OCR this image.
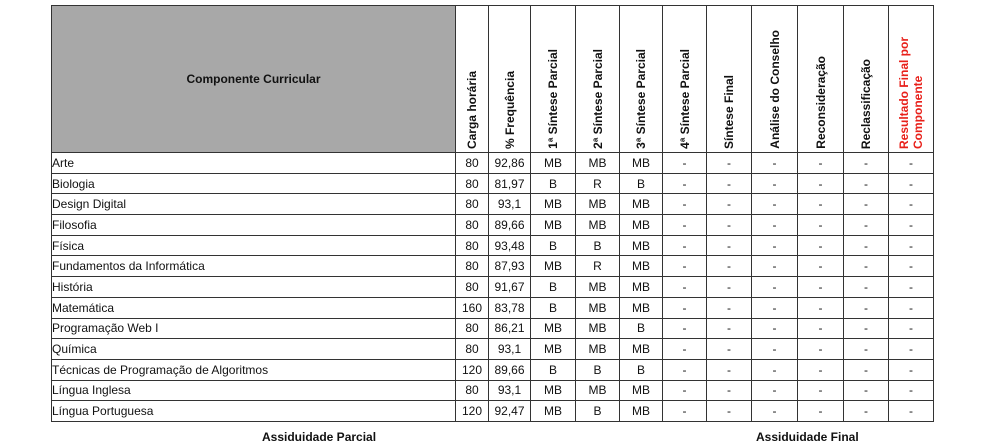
Componente Curricular	Carga horária	% Frequência	1ª Síntese Parcial	2ª Síntese Parcial	3ª Síntese Parcial	4ª Síntese Parcial	Síntese Final	Análise do Conselho	Reconsideração	Reclassificação	Resultado Final por Componente
Arte	80	92,86	MB	MB	MB	-	-	-	-	-	-
Biologia	80	81,97	B	R	B	-	-	-	-	-	-
Design Digital	80	93,1	MB	MB	MB	-	-	-	-	-	-
Filosofia	80	89,66	MB	MB	MB	-	-	-	-	-	-
Física	80	93,48	B	B	MB	-	-	-	-	-	-
Fundamentos da Informática	80	87,93	MB	R	MB	-	-	-	-	-	-
História	80	91,67	B	MB	MB	-	-	-	-	-	-
Matemática	160	83,78	B	MB	MB	-	-	-	-	-	-
Programação Web I	80	86,21	MB	MB	B	-	-	-	-	-	-
Química	80	93,1	MB	MB	MB	-	-	-	-	-	-
Técnicas de Programação de Algoritmos	120	89,66	B	B	B	-	-	-	-	-	-
Língua Inglesa	80	93,1	MB	MB	MB	-	-	-	-	-	-
Língua Portuguesa	120	92,47	MB	B	MB	-	-	-	-	-	-
Assiduidade Parcial	Assiduidade Final
